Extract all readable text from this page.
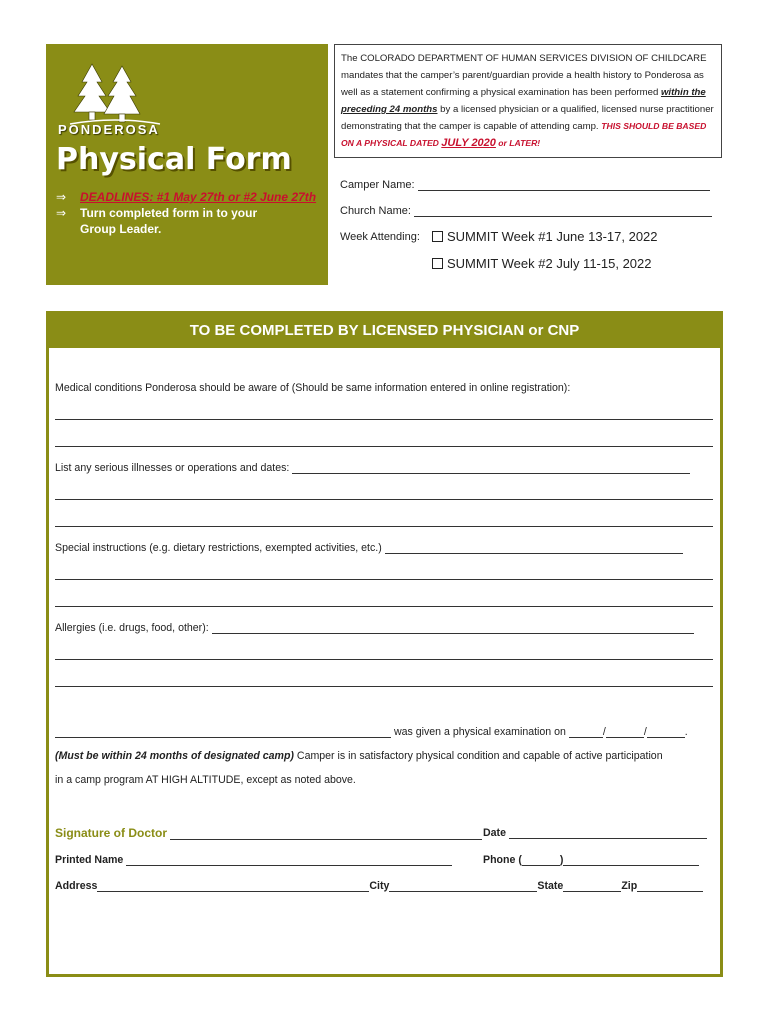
PONDEROSA
Physical Form
⇒ DEADLINES: #1 May 27th or #2 June 27th
⇒ Turn completed form in to your Group Leader.
The COLORADO DEPARTMENT OF HUMAN SERVICES DIVISION OF CHILDCARE mandates that the camper’s parent/guardian provide a health history to Ponderosa as well as a statement confirming a physical examination has been performed within the preceding 24 months by a licensed physician or a qualified, licensed nurse practitioner demonstrating that the camper is capable of attending camp. THIS SHOULD BE BASED ON A PHYSICAL DATED JULY 2020 or LATER!
Camper Name:
Church Name:
Week Attending:	SUMMIT Week #1 June 13-17, 2022
SUMMIT Week #2 July 11-15, 2022
TO BE COMPLETED BY LICENSED PHYSICIAN or CNP
Medical conditions Ponderosa should be aware of (Should be same information entered in online registration):
List any serious illnesses or operations and dates:
Special instructions (e.g. dietary restrictions, exempted activities, etc.)
Allergies (i.e. drugs, food, other):
was given a physical examination on	/	/	.
(Must be within 24 months of designated camp) Camper is in satisfactory physical condition and capable of active participation
in a camp program AT HIGH ALTITUDE, except as noted above.
Signature of Doctor	Date
Printed Name	Phone (	)
Address	City	State	Zip
